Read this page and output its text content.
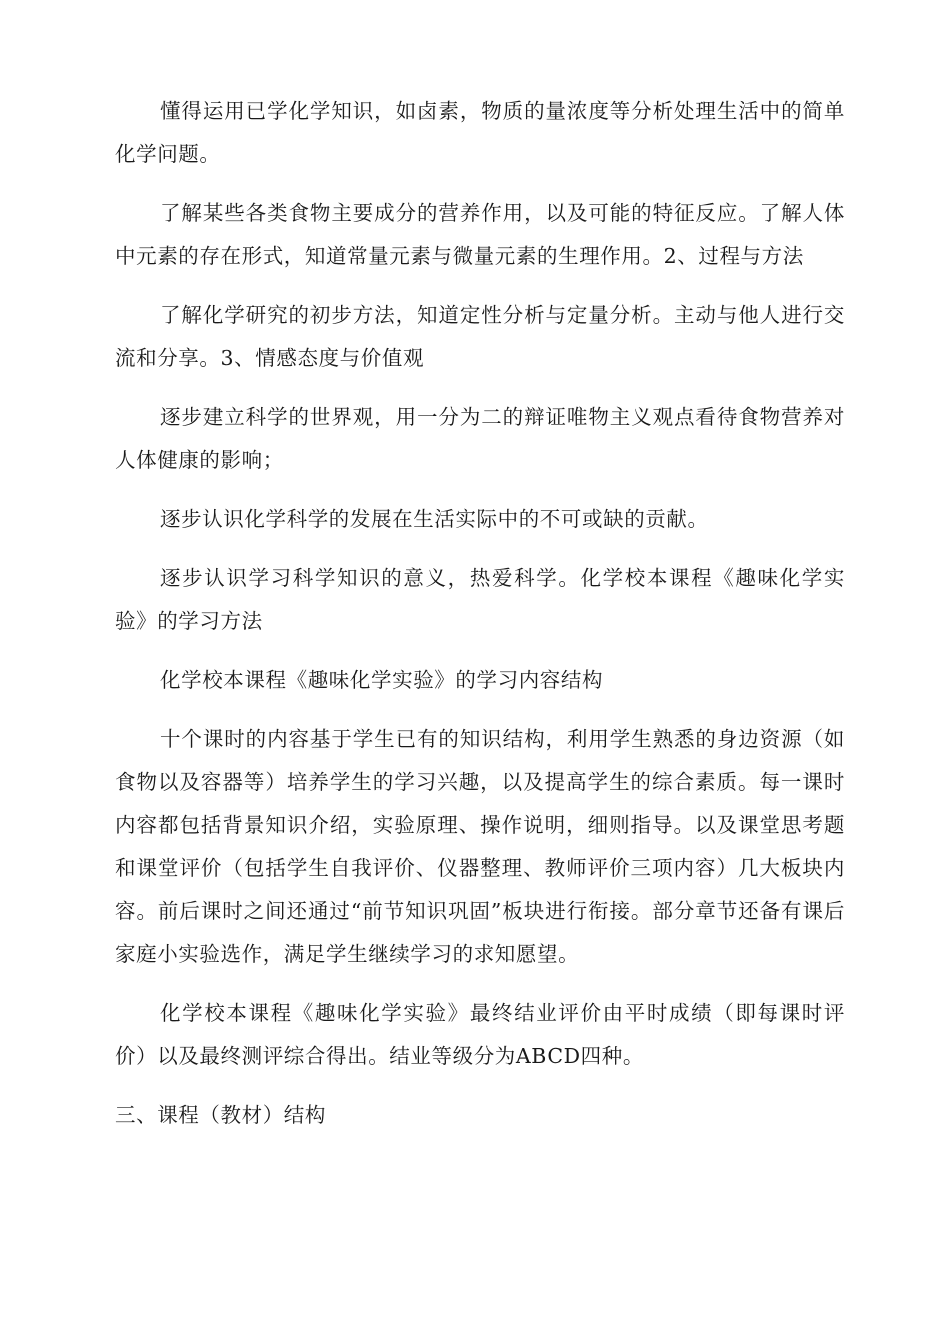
懂得运用已学化学知识，如卤素，物质的量浓度等分析处理生活中的简单化学问题。

了解某些各类食物主要成分的营养作用，以及可能的特征反应。了解人体中元素的存在形式，知道常量元素与微量元素的生理作用。2、过程与方法

了解化学研究的初步方法，知道定性分析与定量分析。主动与他人进行交流和分享。3、情感态度与价值观

逐步建立科学的世界观，用一分为二的辩证唯物主义观点看待食物营养对人体健康的影响；

逐步认识化学科学的发展在生活实际中的不可或缺的贡献。

逐步认识学习科学知识的意义，热爱科学。化学校本课程《趣味化学实验》的学习方法

化学校本课程《趣味化学实验》的学习内容结构

十个课时的内容基于学生已有的知识结构，利用学生熟悉的身边资源（如食物以及容器等）培养学生的学习兴趣，以及提高学生的综合素质。每一课时内容都包括背景知识介绍，实验原理、操作说明，细则指导。以及课堂思考题和课堂评价（包括学生自我评价、仪器整理、教师评价三项内容）几大板块内容。前后课时之间还通过“前节知识巩固”板块进行衔接。部分章节还备有课后家庭小实验选作，满足学生继续学习的求知愿望。

化学校本课程《趣味化学实验》最终结业评价由平时成绩（即每课时评价）以及最终测评综合得出。结业等级分为ABCD四种。

三、课程（教材）结构
